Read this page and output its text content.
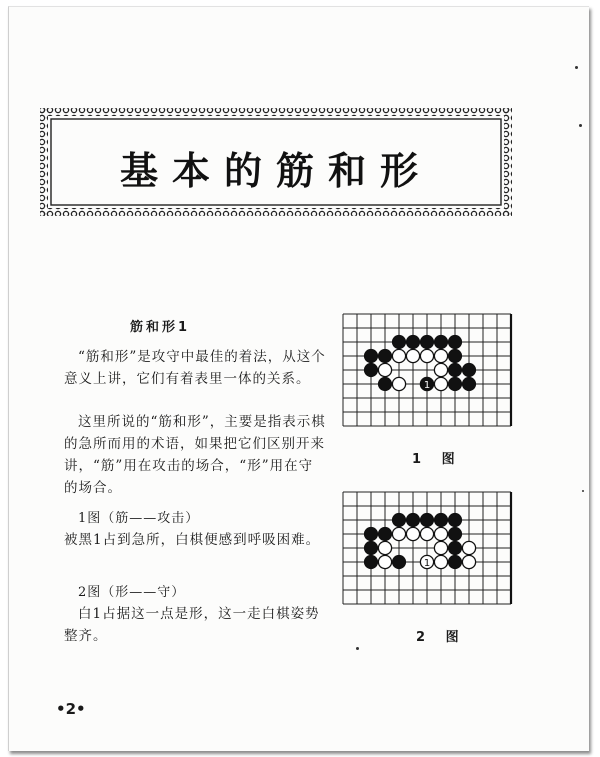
基本的筋和形
筋和形1

“筋和形”是攻守中最佳的着法，从这个意义上讲，它们有着表里一体的关系。

这里所说的“筋和形”，主要是指表示棋的急所而用的术语，如果把它们区别开来讲，“筋”用在攻击的场合，“形”用在守的场合。

1图（筋——攻击）

被黑1占到急所，白棋便感到呼吸困难。

2图（形——守）

白1占据这一点是形，这一走白棋姿势整齐。

1
1 图
1
2 图
•2•
